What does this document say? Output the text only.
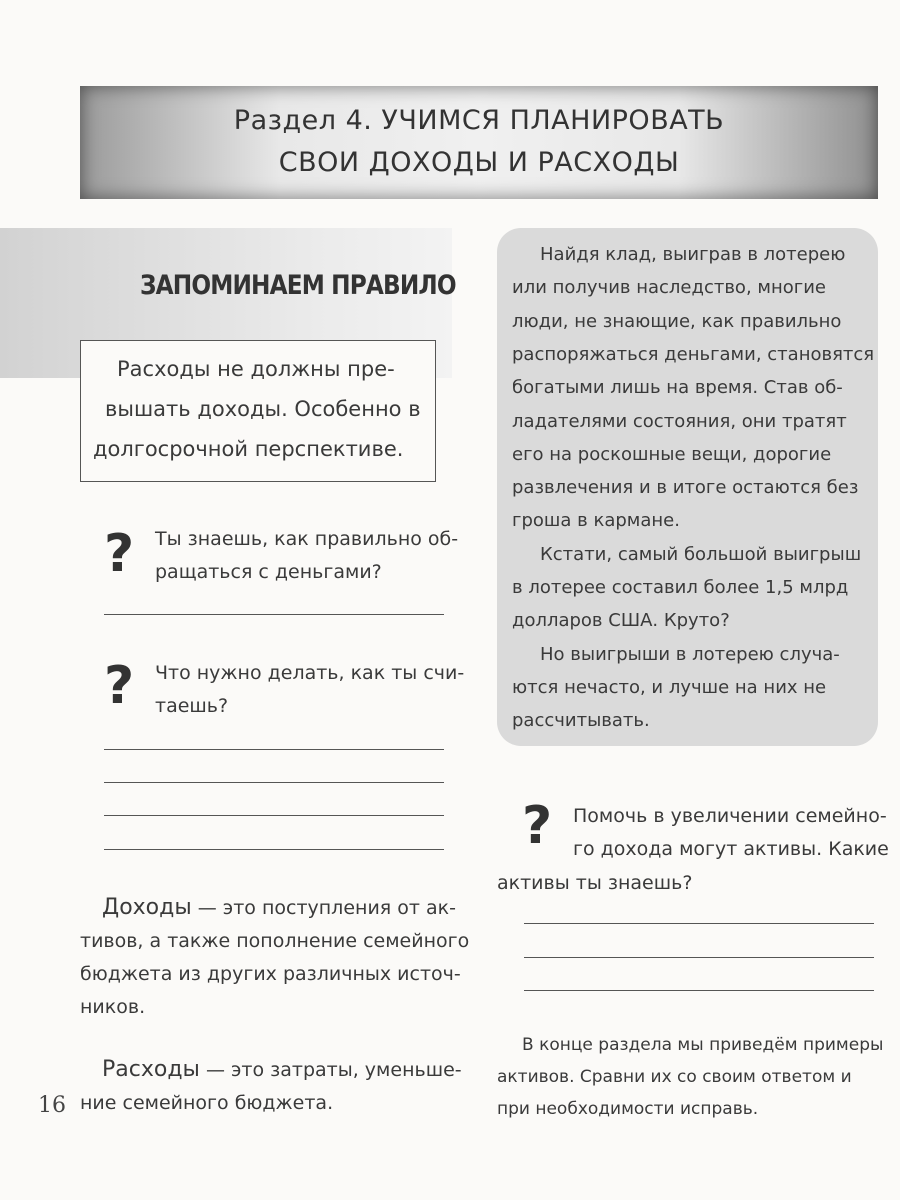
Раздел 4. УЧИМСЯ ПЛАНИРОВАТЬ
СВОИ ДОХОДЫ И РАСХОДЫ
ЗАПОМИНАЕМ ПРАВИЛО
Расходы не должны пре-
вышать доходы. Особенно в
долгосрочной перспективе.
? Ты знаешь, как правильно об-
ращаться с деньгами?
? Что нужно делать, как ты счи-
таешь?
Доходы — это поступления от ак-
тивов, а также пополнение семейного
бюджета из других различных источ-
ников.
Расходы — это затраты, уменьше-
ние семейного бюджета.
16
Найдя клад, выиграв в лотерею
или получив наследство, многие
люди, не знающие, как правильно
распоряжаться деньгами, становятся
богатыми лишь на время. Став об-
ладателями состояния, они тратят
его на роскошные вещи, дорогие
развлечения и в итоге остаются без
гроша в кармане.
Кстати, самый большой выигрыш
в лотерее составил более 1,5 млрд
долларов США. Круто?
Но выигрыши в лотерею случа-
ются нечасто, и лучше на них не
рассчитывать.
? Помочь в увеличении семейно-
го дохода могут активы. Какие
активы ты знаешь?
В конце раздела мы приведём примеры
активов. Сравни их со своим ответом и
при необходимости исправь.
